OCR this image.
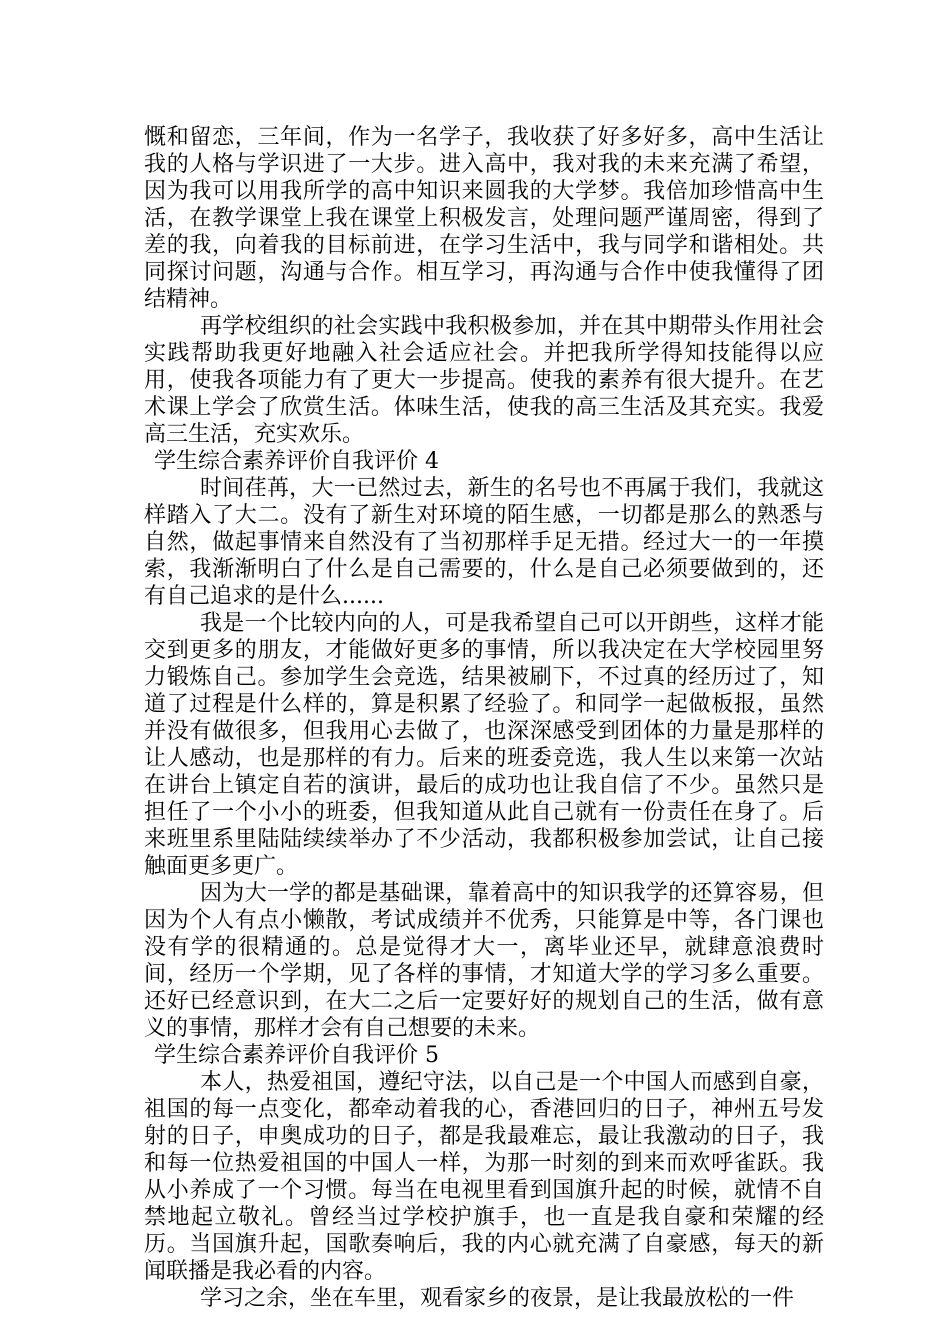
慨和留恋，三年间，作为一名学子，我收获了好多好多，高中生活让我的人格与学识进了一大步。进入高中，我对我的未来充满了希望，因为我可以用我所学的高中知识来圆我的大学梦。我倍加珍惜高中生活，在教学课堂上我在课堂上积极发言，处理问题严谨周密，得到了差的我，向着我的目标前进，在学习生活中，我与同学和谐相处。共同探讨问题，沟通与合作。相互学习，再沟通与合作中使我懂得了团结精神。

再学校组织的社会实践中我积极参加，并在其中期带头作用社会实践帮助我更好地融入社会适应社会。并把我所学得知技能得以应用，使我各项能力有了更大一步提高。使我的素养有很大提升。在艺术课上学会了欣赏生活。体味生活，使我的高三生活及其充实。我爱高三生活，充实欢乐。

学生综合素养评价自我评价 4

时间荏苒，大一已然过去，新生的名号也不再属于我们，我就这样踏入了大二。没有了新生对环境的陌生感，一切都是那么的熟悉与自然，做起事情来自然没有了当初那样手足无措。经过大一的一年摸索，我渐渐明白了什么是自己需要的，什么是自己必须要做到的，还有自己追求的是什么......

我是一个比较内向的人，可是我希望自己可以开朗些，这样才能交到更多的朋友，才能做好更多的事情，所以我决定在大学校园里努力锻炼自己。参加学生会竞选，结果被刷下，不过真的经历过了，知道了过程是什么样的，算是积累了经验了。和同学一起做板报，虽然并没有做很多，但我用心去做了，也深深感受到团体的力量是那样的让人感动，也是那样的有力。后来的班委竞选，我人生以来第一次站在讲台上镇定自若的演讲，最后的成功也让我自信了不少。虽然只是担任了一个小小的班委，但我知道从此自己就有一份责任在身了。后来班里系里陆陆续续举办了不少活动，我都积极参加尝试，让自己接触面更多更广。

因为大一学的都是基础课，靠着高中的知识我学的还算容易，但因为个人有点小懒散，考试成绩并不优秀，只能算是中等，各门课也没有学的很精通的。总是觉得才大一，离毕业还早，就肆意浪费时间，经历一个学期，见了各样的事情，才知道大学的学习多么重要。还好已经意识到，在大二之后一定要好好的规划自己的生活，做有意义的事情，那样才会有自己想要的未来。

学生综合素养评价自我评价 5

本人，热爱祖国，遵纪守法，以自己是一个中国人而感到自豪，祖国的每一点变化，都牵动着我的心，香港回归的日子，神州五号发射的日子，申奥成功的日子，都是我最难忘，最让我激动的日子，我和每一位热爱祖国的中国人一样，为那一时刻的到来而欢呼雀跃。我从小养成了一个习惯。每当在电视里看到国旗升起的时候，就情不自禁地起立敬礼。曾经当过学校护旗手，也一直是我自豪和荣耀的经历。当国旗升起，国歌奏响后，我的内心就充满了自豪感，每天的新闻联播是我必看的内容。

学习之余，坐在车里，观看家乡的夜景，是让我最放松的一件
